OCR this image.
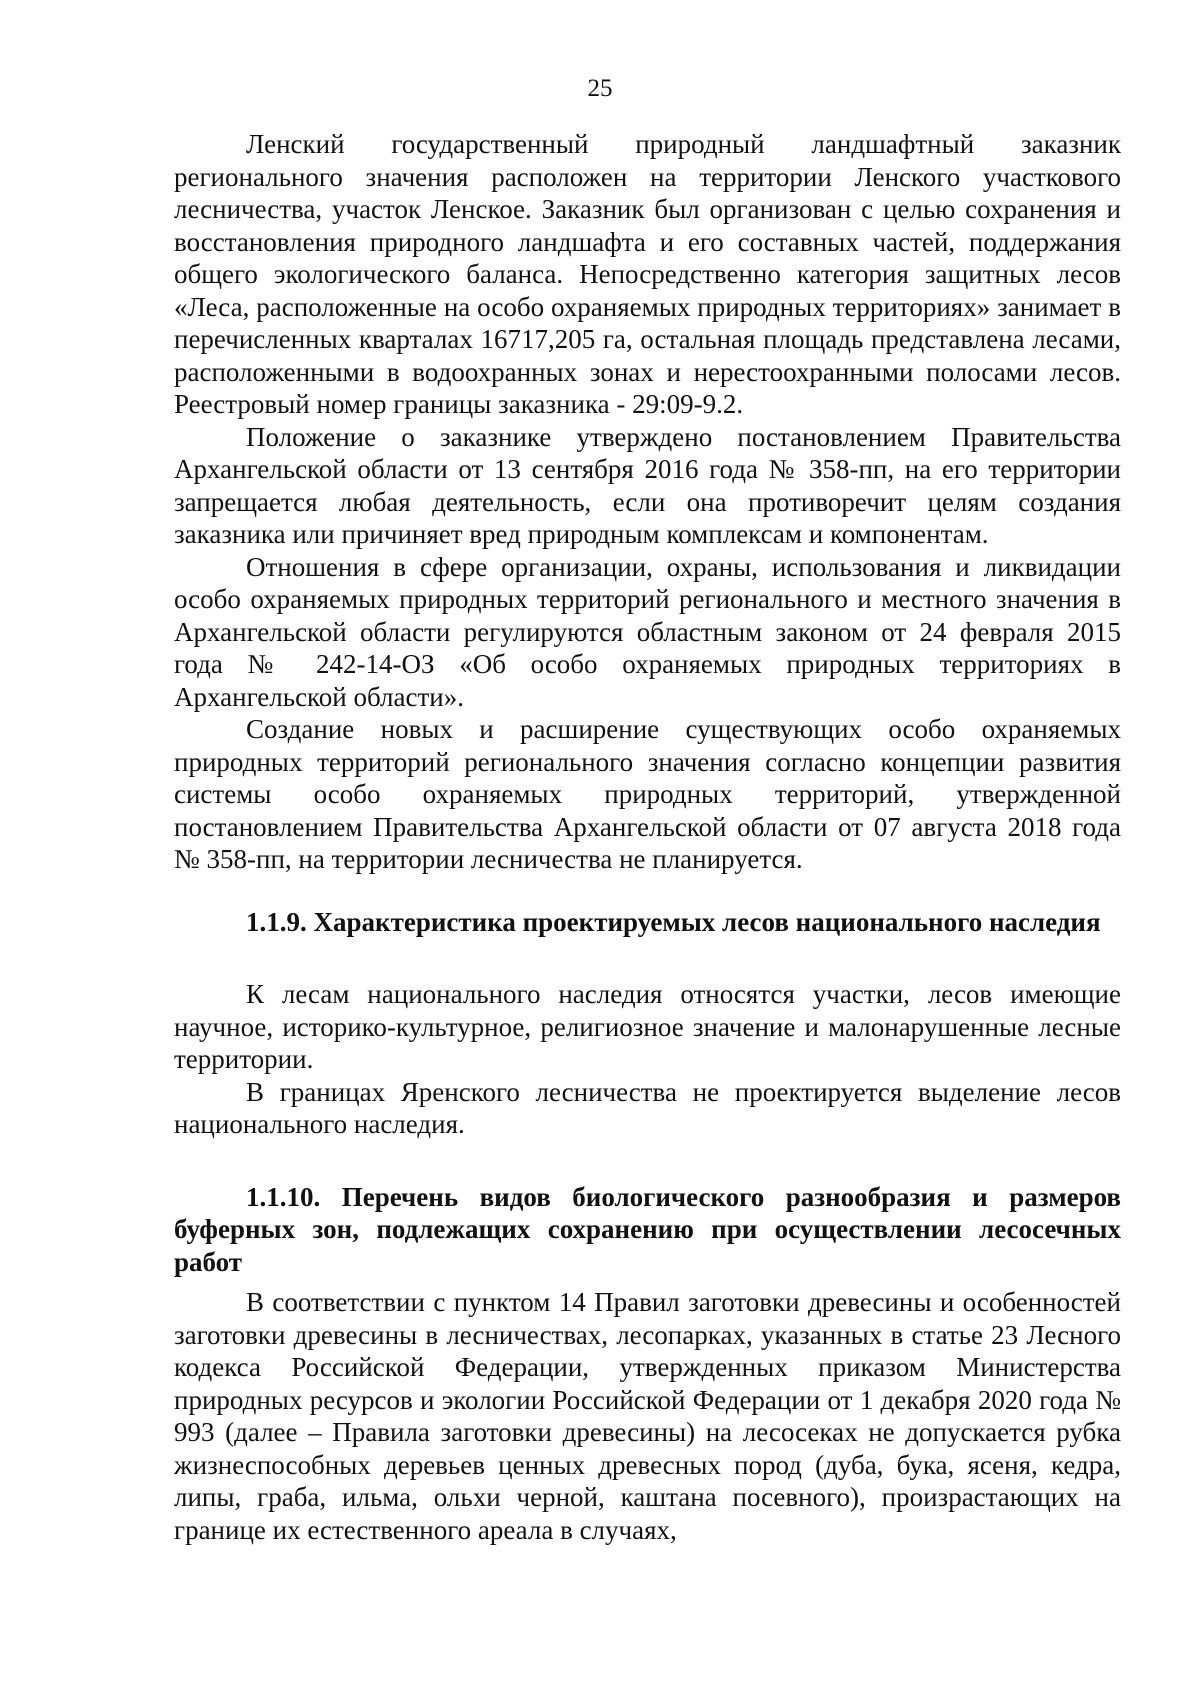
25

Ленский государственный природный ландшафтный заказник регионального значения расположен на территории Ленского участкового лесничества, участок Ленское. Заказник был организован с целью сохранения и восстановления природного ландшафта и его составных частей, поддержания общего экологического баланса. Непосредственно категория защитных лесов «Леса, расположенные на особо охраняемых природных территориях» занимает в перечисленных кварталах 16717,205 га, остальная площадь представлена лесами, расположенными в водоохранных зонах и нерестоохранными полосами лесов. Реестровый номер границы заказника - 29:09-9.2.

Положение о заказнике утверждено постановлением Правительства Архангельской области от 13 сентября 2016 года № 358-пп, на его территории запрещается любая деятельность, если она противоречит целям создания заказника или причиняет вред природным комплексам и компонентам.

Отношения в сфере организации, охраны, использования и ликвидации особо охраняемых природных территорий регионального и местного значения в Архангельской области регулируются областным законом от 24 февраля 2015 года № 242-14-ОЗ «Об особо охраняемых природных территориях в Архангельской области».

Создание новых и расширение существующих особо охраняемых природных территорий регионального значения согласно концепции развития системы особо охраняемых природных территорий, утвержденной постановлением Правительства Архангельской области от 07 августа 2018 года № 358-пп, на территории лесничества не планируется.

1.1.9. Характеристика проектируемых лесов национального наследия

К лесам национального наследия относятся участки, лесов имеющие научное, историко-культурное, религиозное значение и малонарушенные лесные территории.

В границах Яренского лесничества не проектируется выделение лесов национального наследия.

1.1.10. Перечень видов биологического разнообразия и размеров буферных зон, подлежащих сохранению при осуществлении лесосечных работ

В соответствии с пунктом 14 Правил заготовки древесины и особенностей заготовки древесины в лесничествах, лесопарках, указанных в статье 23 Лесного кодекса Российской Федерации, утвержденных приказом Министерства природных ресурсов и экологии Российской Федерации от 1 декабря 2020 года № 993 (далее – Правила заготовки древесины) на лесосеках не допускается рубка жизнеспособных деревьев ценных древесных пород (дуба, бука, ясеня, кедра, липы, граба, ильма, ольхи черной, каштана посевного), произрастающих на границе их естественного ареала в случаях,
